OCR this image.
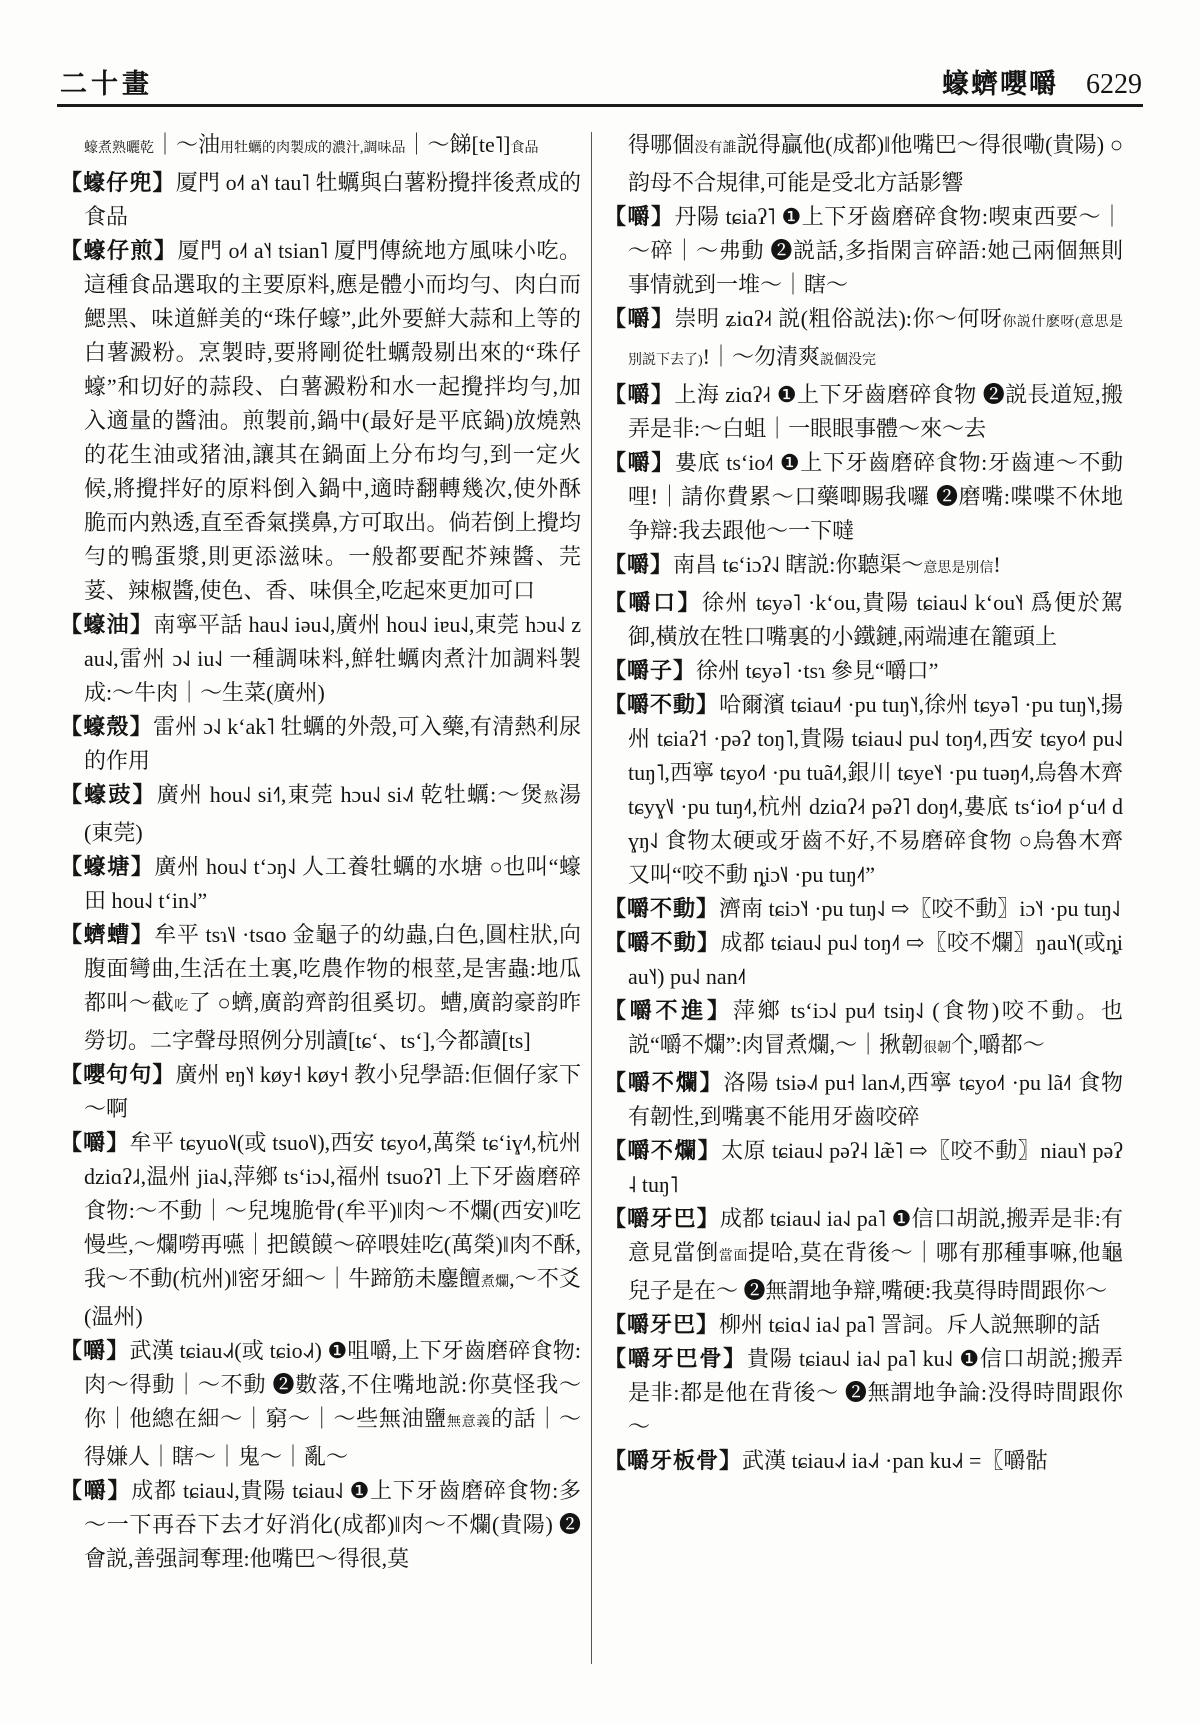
二十畫	蠔蠐嚶嚼 6229

蠔煮熟曬乾｜～油用牡蠣的肉製成的濃汁,調味品｜～䬾[te˥]食品

【蠔仔兜】厦門 o˨˦ a˥˧ tau˥ 牡蠣與白薯粉攪拌後煮成的食品

【蠔仔煎】厦門 o˨˦ a˥˧ tsian˥ 厦門傳統地方風味小吃。這種食品選取的主要原料,應是體小而均勻、肉白而鰓黑、味道鮮美的“珠仔蠔”,此外要鮮大蒜和上等的白薯澱粉。烹製時,要將剛從牡蠣殼剔出來的“珠仔蠔”和切好的蒜段、白薯澱粉和水一起攪拌均勻,加入適量的醬油。煎製前,鍋中(最好是平底鍋)放燒熟的花生油或猪油,讓其在鍋面上分布均勻,到一定火候,將攪拌好的原料倒入鍋中,適時翻轉幾次,使外酥脆而内熟透,直至香氣撲鼻,方可取出。倘若倒上攪均勻的鴨蛋漿,則更添滋味。一般都要配芥辣醬、芫荽、辣椒醬,使色、香、味俱全,吃起來更加可口

【蠔油】南寧平話 hau˨˩ iəu˨˩,廣州 hou˨˩ iɐu˨˩,東莞 hɔu˨˩ zau˨˩,雷州 ɔ˨˩ iu˨˩ 一種調味料,鮮牡蠣肉煮汁加調料製成:～牛肉｜～生菜(廣州)

【蠔殼】雷州 ɔ˨˩ kʻak˥ 牡蠣的外殼,可入藥,有清熱利尿的作用

【蠔豉】廣州 hou˨˩ si˧˥,東莞 hɔu˨˩ si˨˩˦ 乾牡蠣:～煲熬湯(東莞)

【蠔塘】廣州 hou˨˩ tʻɔŋ˨˩ 人工養牡蠣的水塘 ○也叫“蠔田 hou˨˩ tʻin˨˩”

【蠐螬】牟平 tsɿ˥˩ ·tsɑo 金龜子的幼蟲,白色,圓柱狀,向腹面彎曲,生活在土裏,吃農作物的根莖,是害蟲:地瓜都叫～截吃了 ○蠐,廣韵齊韵徂奚切。螬,廣韵豪韵昨勞切。二字聲母照例分別讀[tɕʻ、tsʻ],今都讀[ts]

【嚶句句】廣州 ɐŋ˥˧ køy˧ køy˧ 教小兒學語:佢個仔家下～啊

【嚼】牟平 tɕyuo˥˩(或 tsuo˥˩),西安 tɕyo˨˦,萬榮 tɕʻiɣ˨˦,杭州 dziɑʔ˩˨,温州 jia˨˩,萍鄉 tsʻiɔ˨˩,福州 tsuoʔ˥ 上下牙齒磨碎食物:～不動｜～兒塊脆骨(牟平)‖肉～不爛(西安)‖吃慢些,～爛嘮再嚥｜把饃饃～碎喂娃吃(萬榮)‖肉不酥,我～不動(杭州)‖密牙細～｜牛蹄筋未鏖饘煮爛,～不爻(温州)

【嚼】武漢 tɕiau˨˩˧(或 tɕio˨˩˧) ❶咀嚼,上下牙齒磨碎食物:肉～得動｜～不動 ❷數落,不住嘴地説:你莫怪我～你｜他總在細～｜窮～｜～些無油鹽無意義的話｜～得嫌人｜瞎～｜鬼～｜亂～

【嚼】成都 tɕiau˨˩,貴陽 tɕiau˨˩ ❶上下牙齒磨碎食物:多～一下再吞下去才好消化(成都)‖肉～不爛(貴陽) ❷會説,善强詞奪理:他嘴巴～得很,莫

得哪個没有誰説得贏他(成都)‖他嘴巴～得很嘞(貴陽) ○韵母不合規律,可能是受北方話影響

【嚼】丹陽 tɕiaʔ˥ ❶上下牙齒磨碎食物:喫東西要～｜～碎｜～弗動 ❷説話,多指閑言碎語:她己兩個無則事情就到一堆～｜瞎～

【嚼】崇明 ʑiɑʔ˨˧ 説(粗俗説法):你～何呀你説什麽呀(意思是別説下去了)!｜～勿清爽説個没完

【嚼】上海 ziɑʔ˨˧ ❶上下牙齒磨碎食物 ❷説長道短,搬弄是非:～白蛆｜一眼眼事體～來～去

【嚼】婁底 tsʻio˨˦ ❶上下牙齒磨碎食物:牙齒連～不動哩!｜請你費累～口藥唧賜我囉 ❷磨嘴:喋喋不休地争辯:我去跟他～一下噠

【嚼】南昌 tɕʻiɔʔ˨˩ 瞎説:你聽渠～意思是別信!

【嚼口】徐州 tɕyə˥ ·kʻou,貴陽 tɕiau˨˩ kʻou˥˧ 爲便於駕御,橫放在牲口嘴裏的小鐵鏈,兩端連在籠頭上

【嚼子】徐州 tɕyə˥ ·tsɿ 參見“嚼口”

【嚼不動】哈爾濱 tɕiau˨˦ ·pu tuŋ˥˧,徐州 tɕyə˥ ·pu tuŋ˥˧,揚州 tɕiaʔ˦ ·pəʔ toŋ˥,貴陽 tɕiau˨˩ pu˨˩ toŋ˨˦,西安 tɕyo˨˦ pu˨˩ tuŋ˥,西寧 tɕyo˨˦ ·pu tuã˨˦,銀川 tɕye˥˧ ·pu tuəŋ˨˦,烏魯木齊 tɕyɣ˥˩ ·pu tuŋ˨˦,杭州 dziɑʔ˨˧ pəʔ˥ doŋ˨˦,婁底 tsʻio˨˦ pʻu˨˦ dɣŋ˨˩ 食物太硬或牙齒不好,不易磨碎食物 ○烏魯木齊又叫“咬不動 ȵiɔ˥˩ ·pu tuŋ˨˦”

【嚼不動】濟南 tɕiɔ˥˧ ·pu tuŋ˨˩ ⇨〖咬不動〗iɔ˥˧ ·pu tuŋ˨˩

【嚼不動】成都 tɕiau˨˩ pu˨˩ toŋ˨˦ ⇨〖咬不爛〗ŋau˥˧(或ȵiau˥˧) pu˨˩ nan˨˦

【嚼不進】萍鄉 tsʻiɔ˨˩ pu˨˦ tsiŋ˨˩ (食物)咬不動。也説“嚼不爛”:肉冒煮爛,～｜揪韌很韌个,嚼都～

【嚼不爛】洛陽 tsiə˨˩˦ pu˧ lan˨˩˦,西寧 tɕyo˨˦ ·pu lã˨˦ 食物有韌性,到嘴裏不能用牙齒咬碎

【嚼不爛】太原 tɕiau˨˩ pəʔ˨ læ̃˥ ⇨〖咬不動〗niau˥˧ pəʔ˨ tuŋ˥

【嚼牙巴】成都 tɕiau˨˩ ia˨˩ pa˥ ❶信口胡説,搬弄是非:有意見當倒當面提哈,莫在背後～｜哪有那種事嘛,他龜兒子是在～ ❷無謂地争辯,嘴硬:我莫得時間跟你～

【嚼牙巴】柳州 tɕiɑ˨˩ ia˨˩ pa˥ 詈詞。斥人説無聊的話

【嚼牙巴骨】貴陽 tɕiau˨˩ ia˨˩ pa˥ ku˨˩ ❶信口胡説;搬弄是非:都是他在背後～ ❷無謂地争論:没得時間跟你～

【嚼牙板骨】武漢 tɕiau˨˩˧ ia˨˩˧ ·pan ku˨˩˧ =〖嚼骷
